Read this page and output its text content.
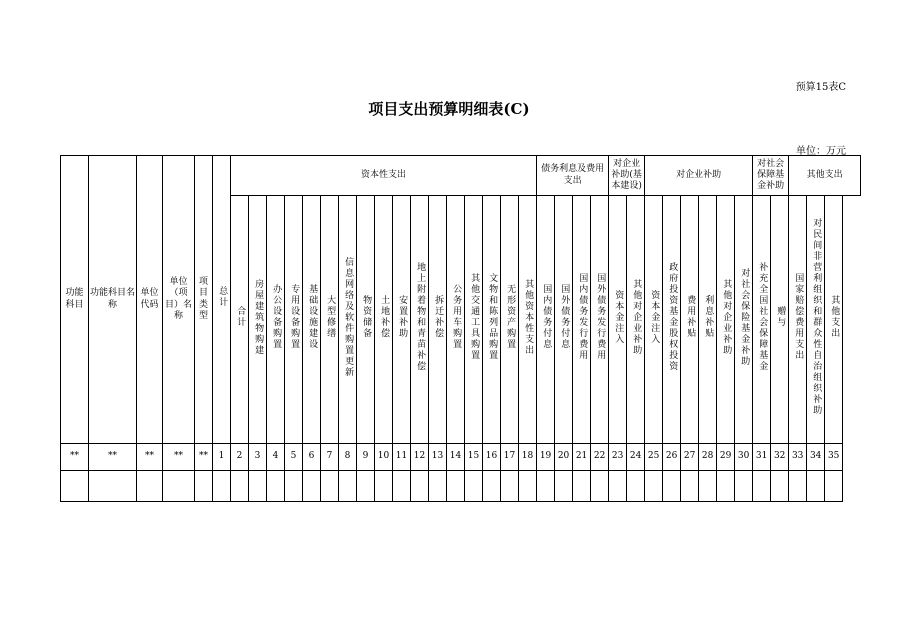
预算15表C
项目支出预算明细表(C)
单位：万元
功能科目	功能科目名称	单位代码	单位（项目）名称	项目类型	总计	资本性支出																	债务利息及费用支出				对企业补助(基本建设)		对企业补助						对社会保障基金补助		其他支出		
						合计	房屋建筑物购建	办公设备购置	专用设备购置	基础设施建设	大型修缮	信息网络及软件购置更新	物资储备	土地补偿	安置补助	地上附着物和青苗补偿	拆迁补偿	公务用车购置	其他交通工具购置	文物和陈列品购置	无形资产购置	其他资本性支出	国内债务付息	国外债务付息	国内债务发行费用	国外债务发行费用	资本金注入	其他对企业补助	资本金注入	政府投资基金股权投资	费用补贴	利息补贴	其他对企业补助	对社会保险基金补助	补充全国社会保障基金	赠与	国家赔偿费用支出	对民间非营利组织和群众性自治组织补助	其他支出
**	**	**	**	**	1	2	3	4	5	6	7	8	9	10	11	12	13	14	15	16	17	18	19	20	21	22	23	24	25	26	27	28	29	30	31	32	33	34	35
